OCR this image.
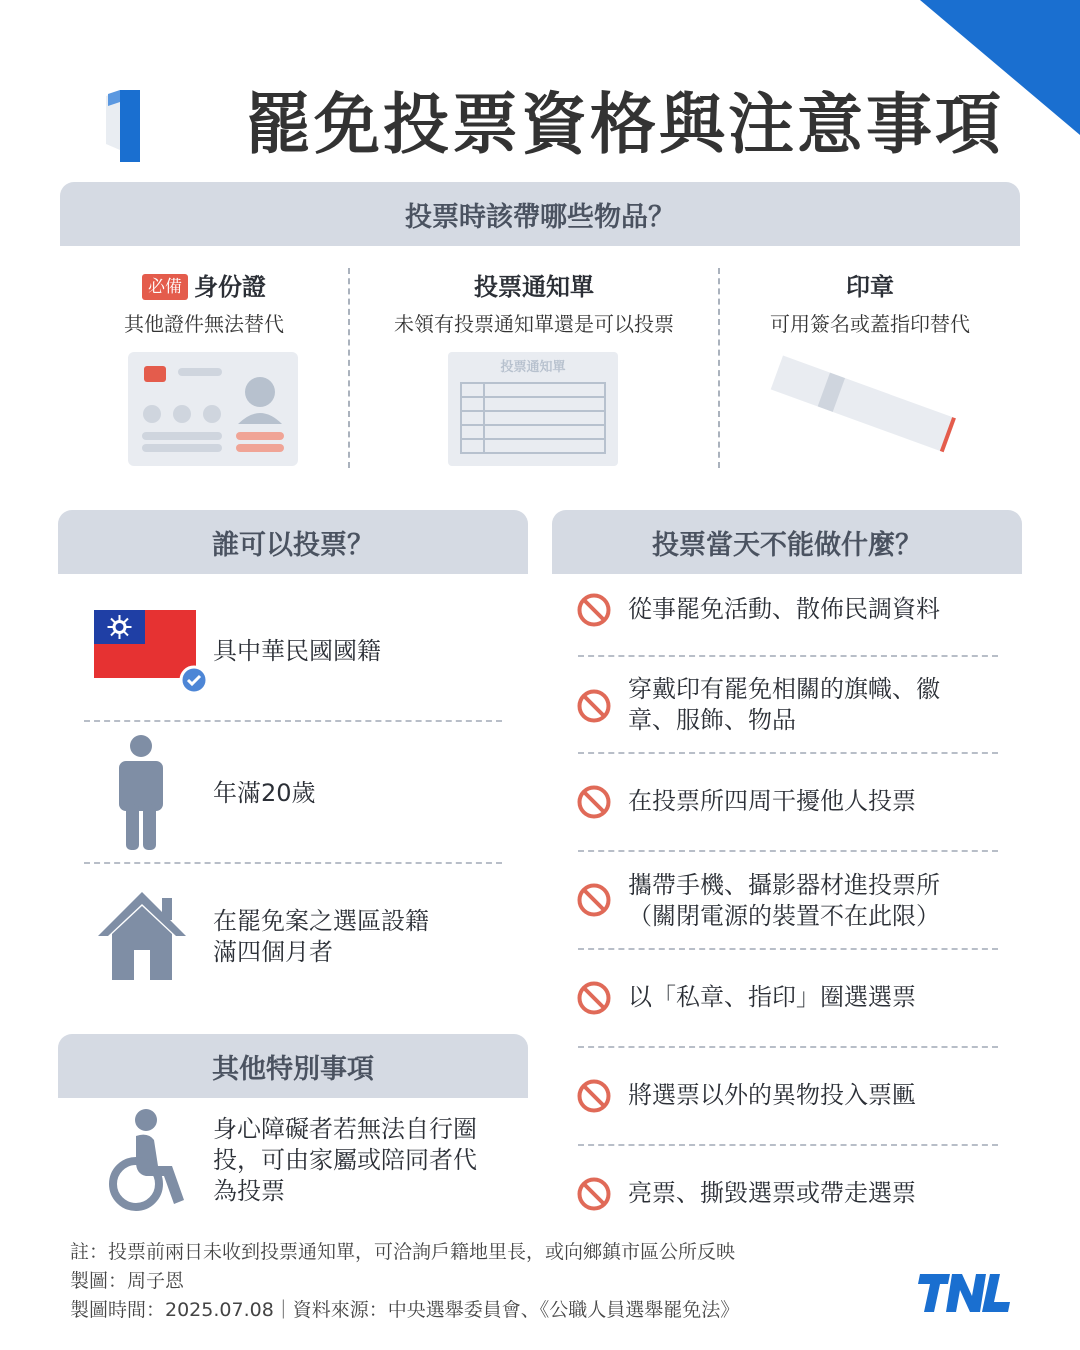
罷免投票資格與注意事項
投票時該帶哪些物品？
必備 身份證
其他證件無法替代
投票通知單
未領有投票通知單還是可以投票
投票通知單
印章
可用簽名或蓋指印替代
誰可以投票？
具中華民國國籍
年滿20歲
在罷免案之選區設籍
滿四個月者
其他特別事項
身心障礙者若無法自行圈
投，可由家屬或陪同者代
為投票
投票當天不能做什麼？
從事罷免活動、散佈民調資料
穿戴印有罷免相關的旗幟、徽
章、服飾、物品
在投票所四周干擾他人投票
攜帶手機、攝影器材進投票所
（關閉電源的裝置不在此限）
以「私章、指印」圈選選票
將選票以外的異物投入票匭
亮票、撕毀選票或帶走選票
註：投票前兩日未收到投票通知單，可洽詢戶籍地里長，或向鄉鎮市區公所反映
製圖：周子恩
製圖時間：2025.07.08｜資料來源：中央選舉委員會、《公職人員選舉罷免法》
